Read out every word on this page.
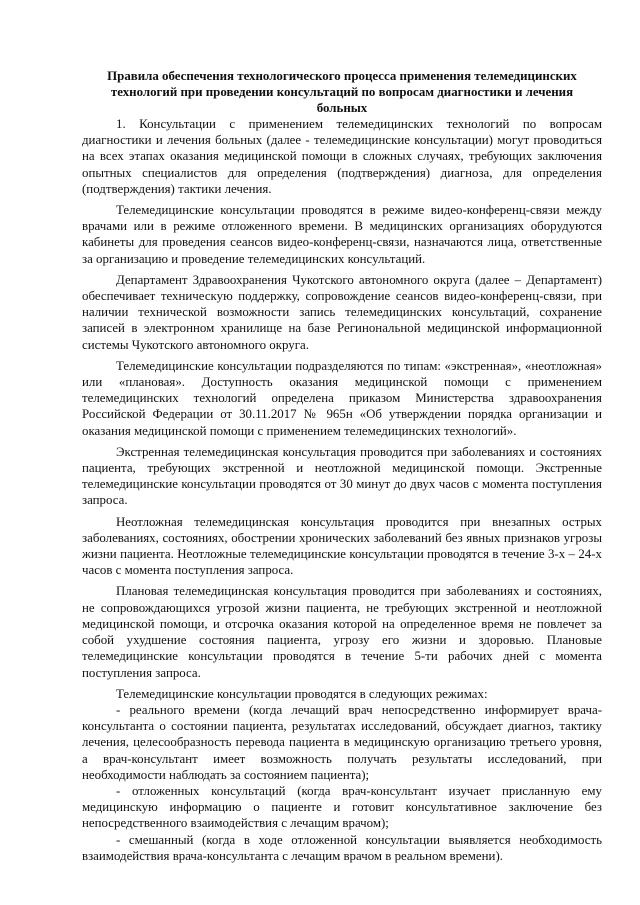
Правила обеспечения технологического процесса применения телемедицинских технологий при проведении консультаций по вопросам диагностики и лечения больных

1. Консультации с применением телемедицинских технологий по вопросам диагностики и лечения больных (далее - телемедицинские консультации) могут проводиться на всех этапах оказания медицинской помощи в сложных случаях, требующих заключения опытных специалистов для определения (подтверждения) диагноза, для определения (подтверждения) тактики лечения.

Телемедицинские консультации проводятся в режиме видео-конференц-связи между врачами или в режиме отложенного времени. В медицинских организациях оборудуются кабинеты для проведения сеансов видео-конференц-связи, назначаются лица, ответственные за организацию и проведение телемедицинских консультаций.

Департамент Здравоохранения Чукотского автономного округа (далее – Департамент) обеспечивает техническую поддержку, сопровождение сеансов видео-конференц-связи, при наличии технической возможности запись телемедицинских консультаций, сохранение записей в электронном хранилище на базе Регинональной медицинской информационной системы Чукотского автономного округа.

Телемедицинские консультации подразделяются по типам: «экстренная», «неотложная» или «плановая». Доступность оказания медицинской помощи с применением телемедицинских технологий определена приказом Министерства здравоохранения Российской Федерации от 30.11.2017 № 965н «Об утверждении порядка организации и оказания медицинской помощи с применением телемедицинских технологий».

Экстренная телемедицинская консультация проводится при заболеваниях и состояниях пациента, требующих экстренной и неотложной медицинской помощи. Экстренные телемедицинские консультации проводятся от 30 минут до двух часов с момента поступления запроса.

Неотложная телемедицинская консультация проводится при внезапных острых заболеваниях, состояниях, обострении хронических заболеваний без явных признаков угрозы жизни пациента. Неотложные телемедицинские консультации проводятся в течение 3-х – 24-х часов с момента поступления запроса.

Плановая телемедицинская консультация проводится при заболеваниях и состояниях, не сопровождающихся угрозой жизни пациента, не требующих экстренной и неотложной медицинской помощи, и отсрочка оказания которой на определенное время не повлечет за собой ухудшение состояния пациента, угрозу его жизни и здоровью. Плановые телемедицинские консультации проводятся в течение 5-ти рабочих дней с момента поступления запроса.

Телемедицинские консультации проводятся в следующих режимах:

- реального времени (когда лечащий врач непосредственно информирует врача-консультанта о состоянии пациента, результатах исследований, обсуждает диагноз, тактику лечения, целесообразность перевода пациента в медицинскую организацию третьего уровня, а врач-консультант имеет возможность получать результаты исследований, при необходимости наблюдать за состоянием пациента);

- отложенных консультаций (когда врач-консультант изучает присланную ему медицинскую информацию о пациенте и готовит консультативное заключение без непосредственного взаимодействия с лечащим врачом);

- смешанный (когда в ходе отложенной консультации выявляется необходимость взаимодействия врача-консультанта с лечащим врачом в реальном времени).
